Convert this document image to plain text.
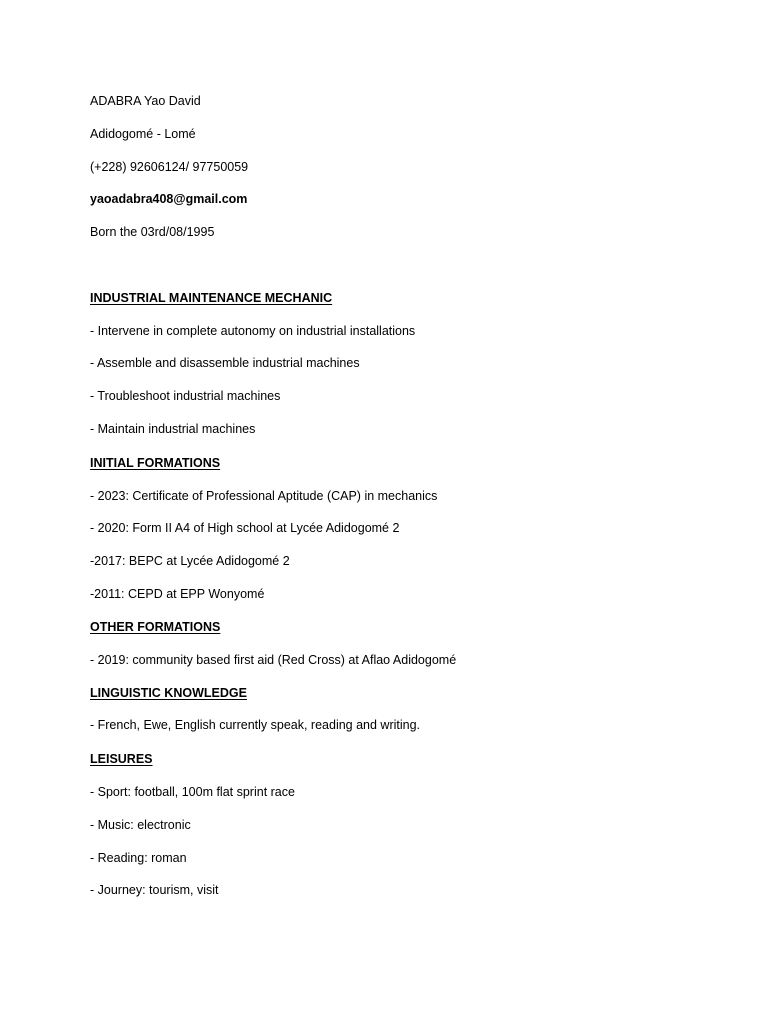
ADABRA Yao David
Adidogomé - Lomé
(+228) 92606124/ 97750059
yaoadabra408@gmail.com
Born the 03rd/08/1995
INDUSTRIAL MAINTENANCE MECHANIC
- Intervene in complete autonomy on industrial installations
- Assemble and disassemble industrial machines
- Troubleshoot industrial machines
- Maintain industrial machines
INITIAL FORMATIONS
- 2023: Certificate of Professional Aptitude (CAP) in mechanics
- 2020: Form II A4 of High school at Lycée Adidogomé 2
-2017: BEPC at Lycée Adidogomé 2
-2011: CEPD at EPP Wonyomé
OTHER FORMATIONS
- 2019: community based first aid (Red Cross) at Aflao Adidogomé
LINGUISTIC KNOWLEDGE
- French, Ewe, English currently speak, reading and writing.
LEISURES
- Sport: football, 100m flat sprint race
- Music: electronic
- Reading: roman
- Journey: tourism, visit
